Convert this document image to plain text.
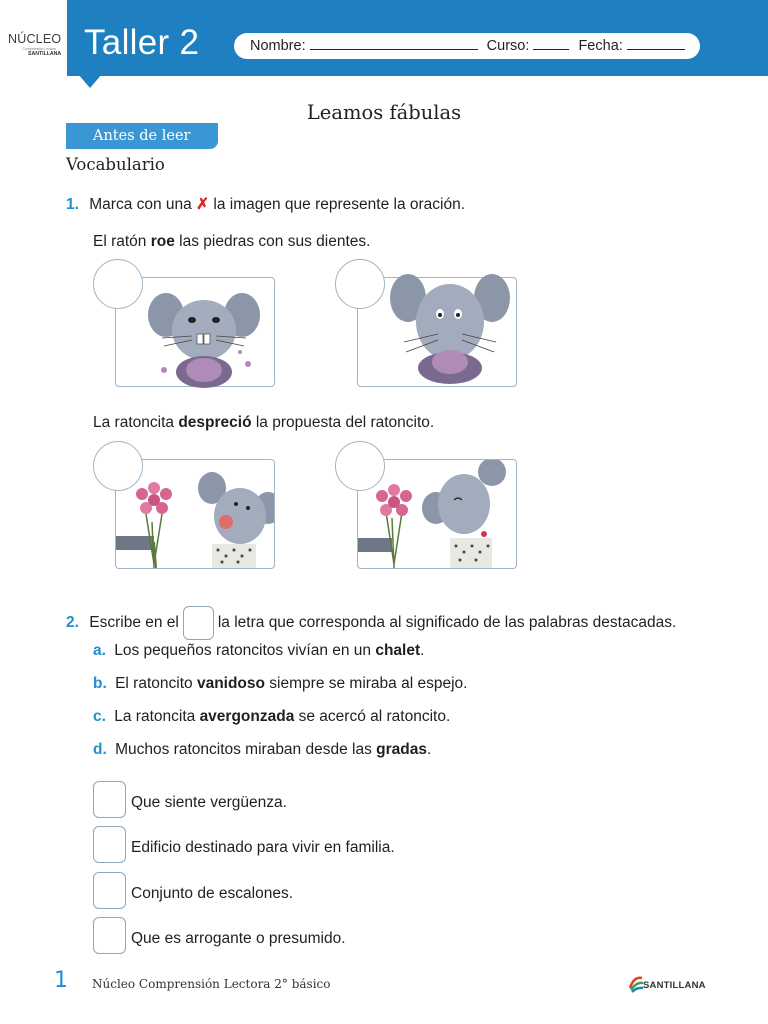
NÚCLEO
Comprensión Lectora
SANTILLANA Taller 2	Nombre:	Curso:	Fecha:
Leamos fábulas
Antes de leer
Vocabulario
1. Marca con una ✗ la imagen que represente la oración.
El ratón roe las piedras con sus dientes.
La ratoncita despreció la propuesta del ratoncito.
2. Escribe en el	la letra que corresponda al significado de las palabras destacadas.
a. Los pequeños ratoncitos vivían en un chalet.
b. El ratoncito vanidoso siempre se miraba al espejo.
c. La ratoncita avergonzada se acercó al ratoncito.
d. Muchos ratoncitos miraban desde las gradas.
Que siente vergüenza.
Edificio destinado para vivir en familia.
Conjunto de escalones.
Que es arrogante o presumido.
1 Núcleo Comprensión Lectora 2° básico	SANTILLANA
